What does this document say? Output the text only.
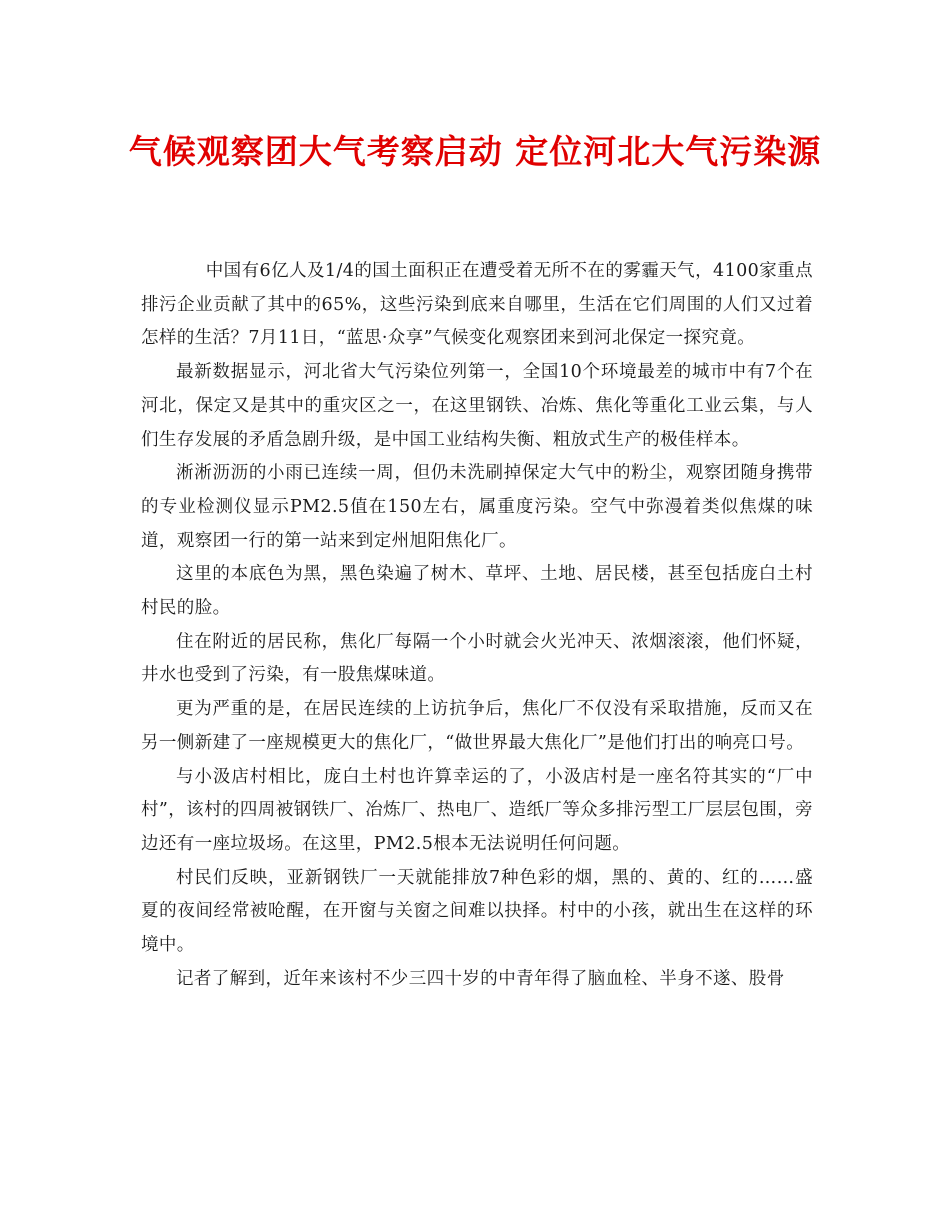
气候观察团大气考察启动 定位河北大气污染源

中国有6亿人及1/4的国土面积正在遭受着无所不在的雾霾天气，4100家重点排污企业贡献了其中的65%，这些污染到底来自哪里，生活在它们周围的人们又过着怎样的生活？7月11日，“蓝思·众享”气候变化观察团来到河北保定一探究竟。

最新数据显示，河北省大气污染位列第一，全国10个环境最差的城市中有7个在河北，保定又是其中的重灾区之一，在这里钢铁、冶炼、焦化等重化工业云集，与人们生存发展的矛盾急剧升级，是中国工业结构失衡、粗放式生产的极佳样本。

淅淅沥沥的小雨已连续一周，但仍未洗刷掉保定大气中的粉尘，观察团随身携带的专业检测仪显示PM2.5值在150左右，属重度污染。空气中弥漫着类似焦煤的味道，观察团一行的第一站来到定州旭阳焦化厂。

这里的本底色为黑，黑色染遍了树木、草坪、土地、居民楼，甚至包括庞白土村村民的脸。

住在附近的居民称，焦化厂每隔一个小时就会火光冲天、浓烟滚滚，他们怀疑，井水也受到了污染，有一股焦煤味道。

更为严重的是，在居民连续的上访抗争后，焦化厂不仅没有采取措施，反而又在另一侧新建了一座规模更大的焦化厂，“做世界最大焦化厂”是他们打出的响亮口号。

与小汲店村相比，庞白土村也许算幸运的了，小汲店村是一座名符其实的“厂中村”，该村的四周被钢铁厂、冶炼厂、热电厂、造纸厂等众多排污型工厂层层包围，旁边还有一座垃圾场。在这里，PM2.5根本无法说明任何问题。

村民们反映，亚新钢铁厂一天就能排放7种色彩的烟，黑的、黄的、红的……盛夏的夜间经常被呛醒，在开窗与关窗之间难以抉择。村中的小孩，就出生在这样的环境中。

记者了解到，近年来该村不少三四十岁的中青年得了脑血栓、半身不遂、股骨
